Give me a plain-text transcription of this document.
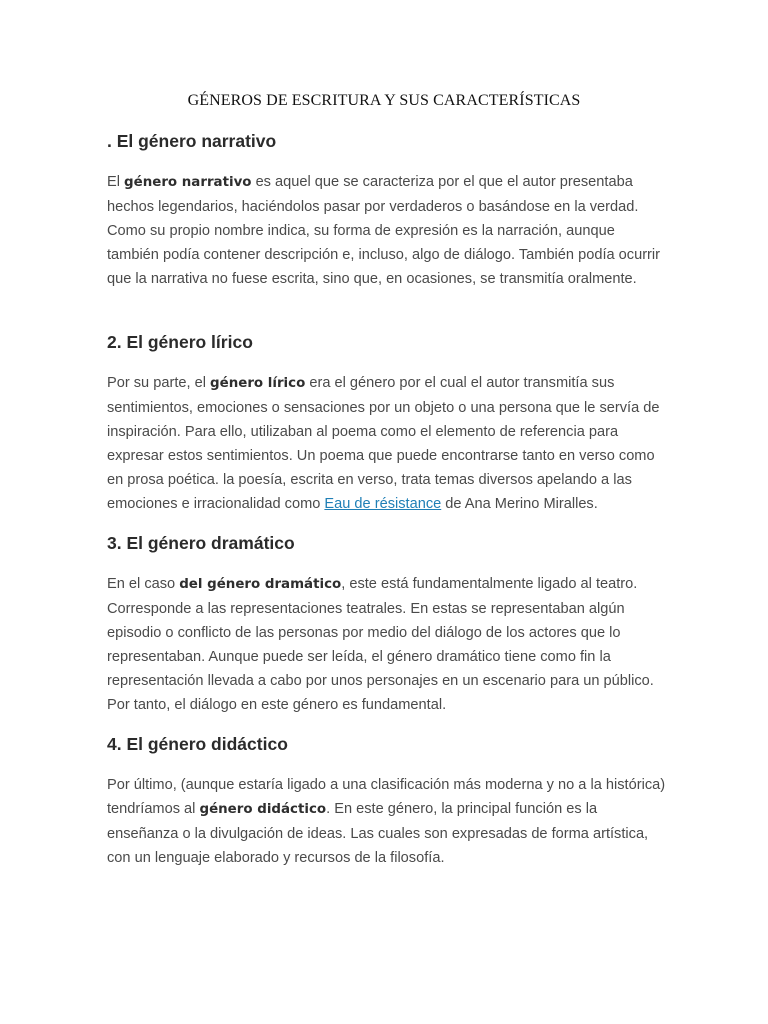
GÉNEROS DE ESCRITURA Y SUS CARACTERÍSTICAS
. El género narrativo

El género narrativo es aquel que se caracteriza por el que el autor presentaba hechos legendarios, haciéndolos pasar por verdaderos o basándose en la verdad. Como su propio nombre indica, su forma de expresión es la narración, aunque también podía contener descripción e, incluso, algo de diálogo. También podía ocurrir que la narrativa no fuese escrita, sino que, en ocasiones, se transmitía oralmente.

2. El género lírico

Por su parte, el género lírico era el género por el cual el autor transmitía sus sentimientos, emociones o sensaciones por un objeto o una persona que le servía de inspiración. Para ello, utilizaban al poema como el elemento de referencia para expresar estos sentimientos. Un poema que puede encontrarse tanto en verso como en prosa poética. la poesía, escrita en verso, trata temas diversos apelando a las emociones e irracionalidad como Eau de résistance de Ana Merino Miralles.

3. El género dramático

En el caso del género dramático, este está fundamentalmente ligado al teatro. Corresponde a las representaciones teatrales. En estas se representaban algún episodio o conflicto de las personas por medio del diálogo de los actores que lo representaban. Aunque puede ser leída, el género dramático tiene como fin la representación llevada a cabo por unos personajes en un escenario para un público. Por tanto, el diálogo en este género es fundamental.

4. El género didáctico

Por último, (aunque estaría ligado a una clasificación más moderna y no a la histórica) tendríamos al género didáctico. En este género, la principal función es la enseñanza o la divulgación de ideas. Las cuales son expresadas de forma artística, con un lenguaje elaborado y recursos de la filosofía.
